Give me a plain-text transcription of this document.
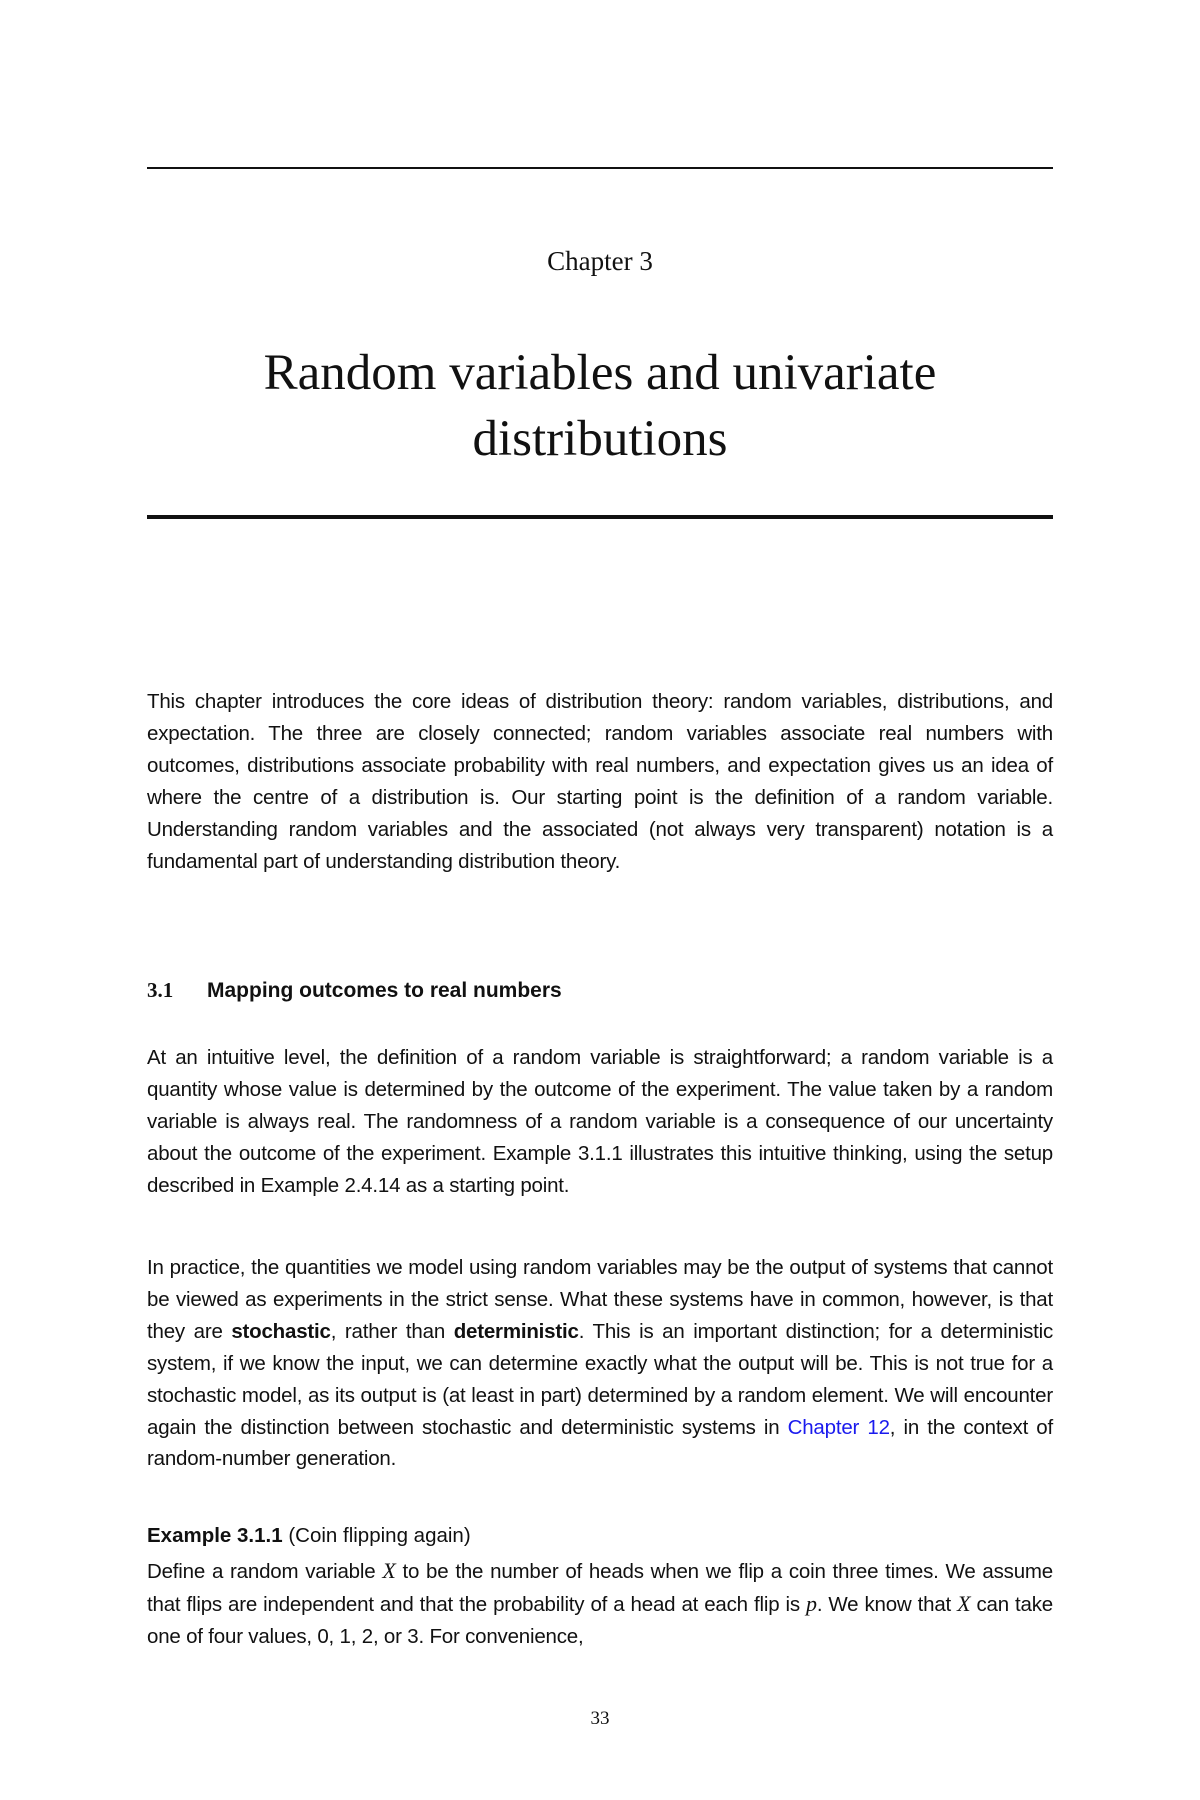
Chapter 3
Random variables and univariate
distributions

This chapter introduces the core ideas of distribution theory: random variables, distributions, and expectation. The three are closely connected; random variables associate real numbers with outcomes, distributions associate probability with real numbers, and expectation gives us an idea of where the centre of a distribution is. Our starting point is the definition of a random variable. Understanding random variables and the associated (not always very transparent) notation is a fundamental part of understanding distribution theory.

3.1 Mapping outcomes to real numbers

At an intuitive level, the definition of a random variable is straightforward; a random variable is a quantity whose value is determined by the outcome of the experiment. The value taken by a random variable is always real. The randomness of a random variable is a consequence of our uncertainty about the outcome of the experiment. Example 3.1.1 illustrates this intuitive thinking, using the setup described in Example 2.4.14 as a starting point.

In practice, the quantities we model using random variables may be the output of systems that cannot be viewed as experiments in the strict sense. What these systems have in common, however, is that they are stochastic, rather than deterministic. This is an important distinction; for a deterministic system, if we know the input, we can determine exactly what the output will be. This is not true for a stochastic model, as its output is (at least in part) determined by a random element. We will encounter again the distinction between stochastic and deterministic systems in Chapter 12, in the context of random-number generation.

Example 3.1.1 (Coin flipping again)

Define a random variable X to be the number of heads when we flip a coin three times. We assume that flips are independent and that the probability of a head at each flip is p. We know that X can take one of four values, 0, 1, 2, or 3. For convenience,

33
